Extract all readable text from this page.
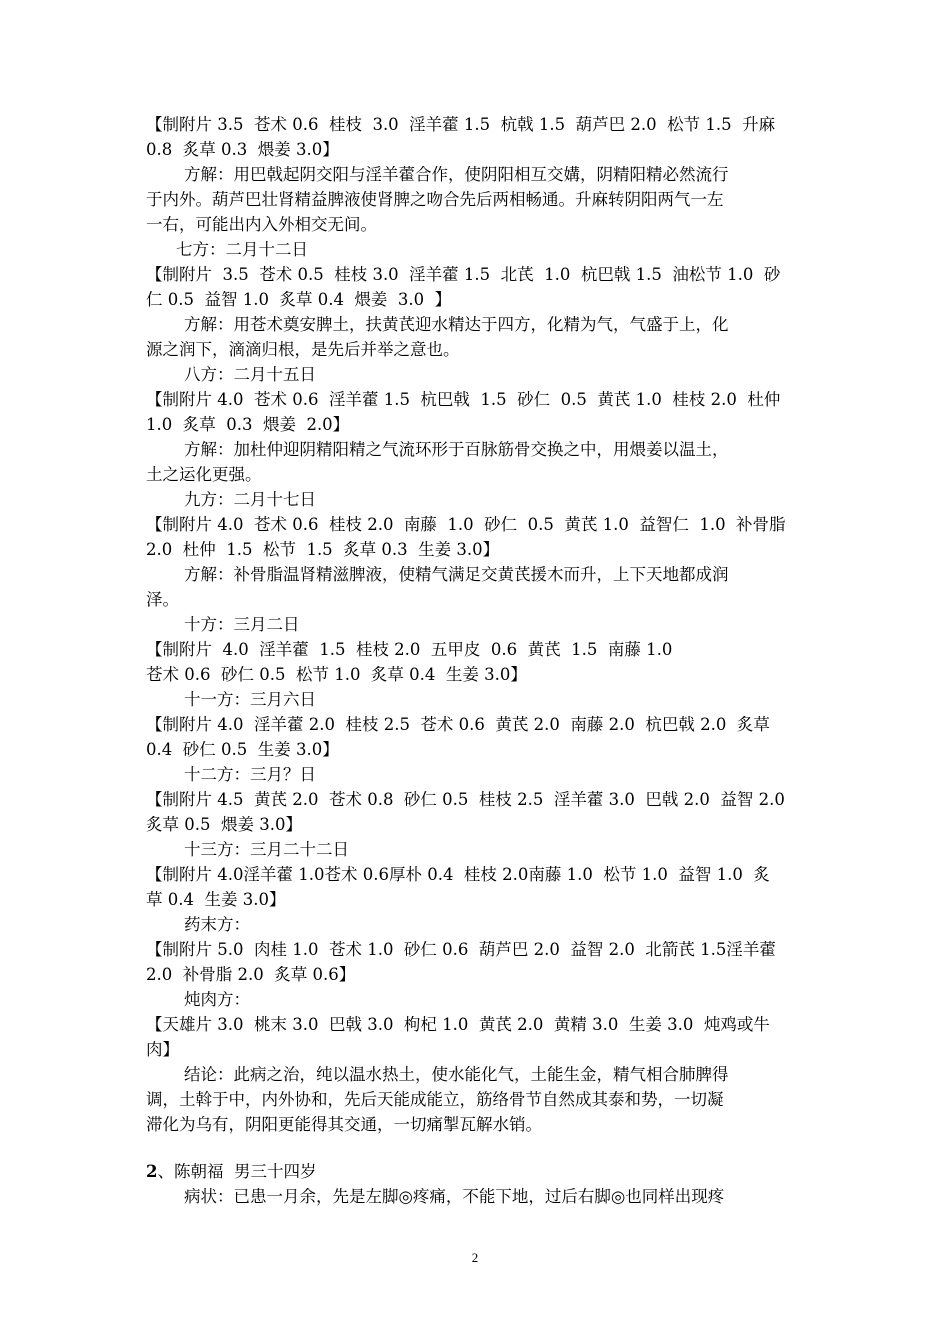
【制附片 3.5  苍术 0.6  桂枝  3.0  淫羊藿 1.5  杭戟 1.5  葫芦巴 2.0  松节 1.5  升麻
0.8  炙草 0.3  煨姜 3.0】
方解：用巴戟起阴交阳与淫羊藿合作，使阴阳相互交媾，阴精阳精必然流行
于内外。葫芦巴壮肾精益脾液使肾脾之吻合先后两相畅通。升麻转阴阳两气一左
一右，可能出内入外相交无间。
七方：二月十二日
【制附片  3.5  苍术 0.5  桂枝 3.0  淫羊藿 1.5  北芪  1.0  杭巴戟 1.5  油松节 1.0  砂
仁 0.5  益智 1.0  炙草 0.4  煨姜  3.0  】
方解：用苍术奠安脾土，扶黄芪迎水精达于四方，化精为气，气盛于上，化
源之润下，滴滴归根，是先后并举之意也。
八方：二月十五日
【制附片 4.0  苍术 0.6  淫羊藿 1.5  杭巴戟  1.5  砂仁  0.5  黄芪 1.0  桂枝 2.0  杜仲
1.0  炙草  0.3  煨姜  2.0】
方解：加杜仲迎阴精阳精之气流环形于百脉筋骨交换之中，用煨姜以温土，
土之运化更强。
九方：二月十七日
【制附片 4.0  苍术 0.6  桂枝 2.0  南藤  1.0  砂仁  0.5  黄芪 1.0  益智仁  1.0  补骨脂
2.0  杜仲  1.5  松节  1.5  炙草 0.3  生姜 3.0】
方解：补骨脂温肾精滋脾液，使精气满足交黄芪援木而升，上下天地都成润
泽。
十方：三月二日
【制附片  4.0  淫羊藿  1.5  桂枝 2.0  五甲皮  0.6  黄芪  1.5  南藤 1.0
苍术 0.6  砂仁 0.5  松节 1.0  炙草 0.4  生姜 3.0】
十一方：三月六日
【制附片 4.0  淫羊藿 2.0  桂枝 2.5  苍术 0.6  黄芪 2.0  南藤 2.0  杭巴戟 2.0  炙草
0.4  砂仁 0.5  生姜 3.0】
十二方：三月？日
【制附片 4.5  黄芪 2.0  苍术 0.8  砂仁 0.5  桂枝 2.5  淫羊藿 3.0  巴戟 2.0  益智 2.0
炙草 0.5  煨姜 3.0】
十三方：三月二十二日
【制附片 4.0淫羊藿 1.0苍术 0.6厚朴 0.4  桂枝 2.0南藤 1.0  松节 1.0  益智 1.0  炙
草 0.4  生姜 3.0】
药末方：
【制附片 5.0  肉桂 1.0  苍术 1.0  砂仁 0.6  葫芦巴 2.0  益智 2.0  北箭芪 1.5淫羊藿
2.0  补骨脂 2.0  炙草 0.6】
炖肉方：
【天雄片 3.0  桃末 3.0  巴戟 3.0  枸杞 1.0  黄芪 2.0  黄精 3.0  生姜 3.0  炖鸡或牛
肉】
结论：此病之治，纯以温水热土，使水能化气，土能生金，精气相合肺脾得
调，土斡于中，内外协和，先后天能成能立，筋络骨节自然成其泰和势，一切凝
滞化为乌有，阴阳更能得其交通，一切痛掣瓦解水销。
2、陈朝福  男三十四岁
病状：已患一月余，先是左脚◎疼痛，不能下地，过后右脚◎也同样出现疼
2
